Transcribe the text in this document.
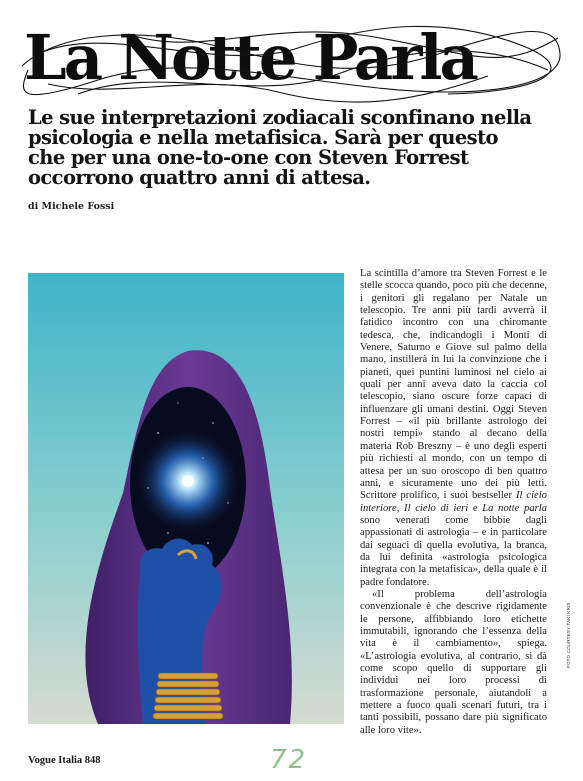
La Notte Parla

Le sue interpretazioni zodiacali sconfinano nella psicologia e nella metafisica. Sarà per questo che per una one-to-one con Steven Forrest occorrono quattro anni di attesa.

di Michele Fossi

La scintilla d’amore tra Steven Forrest e le stelle scocca quando, poco più che decenne, i genitori gli regalano per Natale un telescopio. Tre anni più tardi avverrà il fatidico incontro con una chiromante tedesca, che, indicandogli i Monti di Venere, Saturno e Giove sul palmo della mano, instillerà in lui la convinzione che i pianeti, quei puntini luminosi nel cielo ai quali per anni aveva dato la caccia col telescopio, siano oscure forze capaci di influenzare gli umani destini. Oggi Steven Forrest – «il più brillante astrologo dei nostri tempi» stando al decano della materia Rob Breszny – è uno degli esperti più richiesti al mondo, con un tempo di attesa per un suo oroscopo di ben quattro anni, e sicuramente uno dei più letti. Scrittore prolifico, i suoi bestseller Il cielo interiore, Il cielo di ieri e La notte parla sono venerati come bibbie dagli appassionati di astrologia – e in particolare dai seguaci di quella evolutiva, la branca, da lui definita «astrologia psicologica integrata con la metafisica», della quale è il padre fondatore.

«Il problema dell’astrologia convenzionale è che descrive rigidamente le persone, affibbiando loro etichette immutabili, ignorando che l’essenza della vita è il cambiamento», spiega. «L’astrologia evolutiva, al contrario, si dà come scopo quello di supportare gli individui nei loro processi di trasformazione personale, aiutandoli a mettere a fuoco quali scenari futuri, tra i tanti possibili, possano dare più significato alle loro vite».

FOTO COURTESY TAKI KRIS
Vogue Italia 848	72
